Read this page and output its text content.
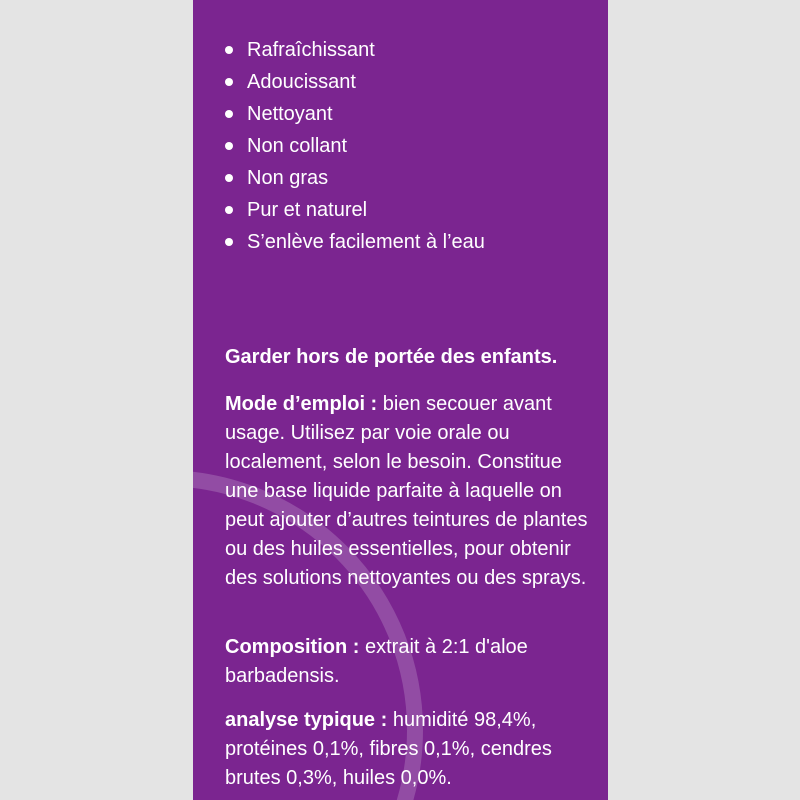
Rafraîchissant
Adoucissant
Nettoyant
Non collant
Non gras
Pur et naturel
S’enlève facilement à l’eau
Garder hors de portée des enfants.
Mode d’emploi : bien secouer avant usage. Utilisez par voie orale ou localement, selon le besoin. Constitue une base liquide parfaite à laquelle on peut ajouter d’autres teintures de plantes ou des huiles essentielles, pour obtenir des solutions nettoyantes ou des sprays.
Composition : extrait à 2:1 d'aloe barbadensis.
analyse typique : humidité 98,4%, protéines 0,1%, fibres 0,1%, cendres brutes 0,3%, huiles 0,0%.
